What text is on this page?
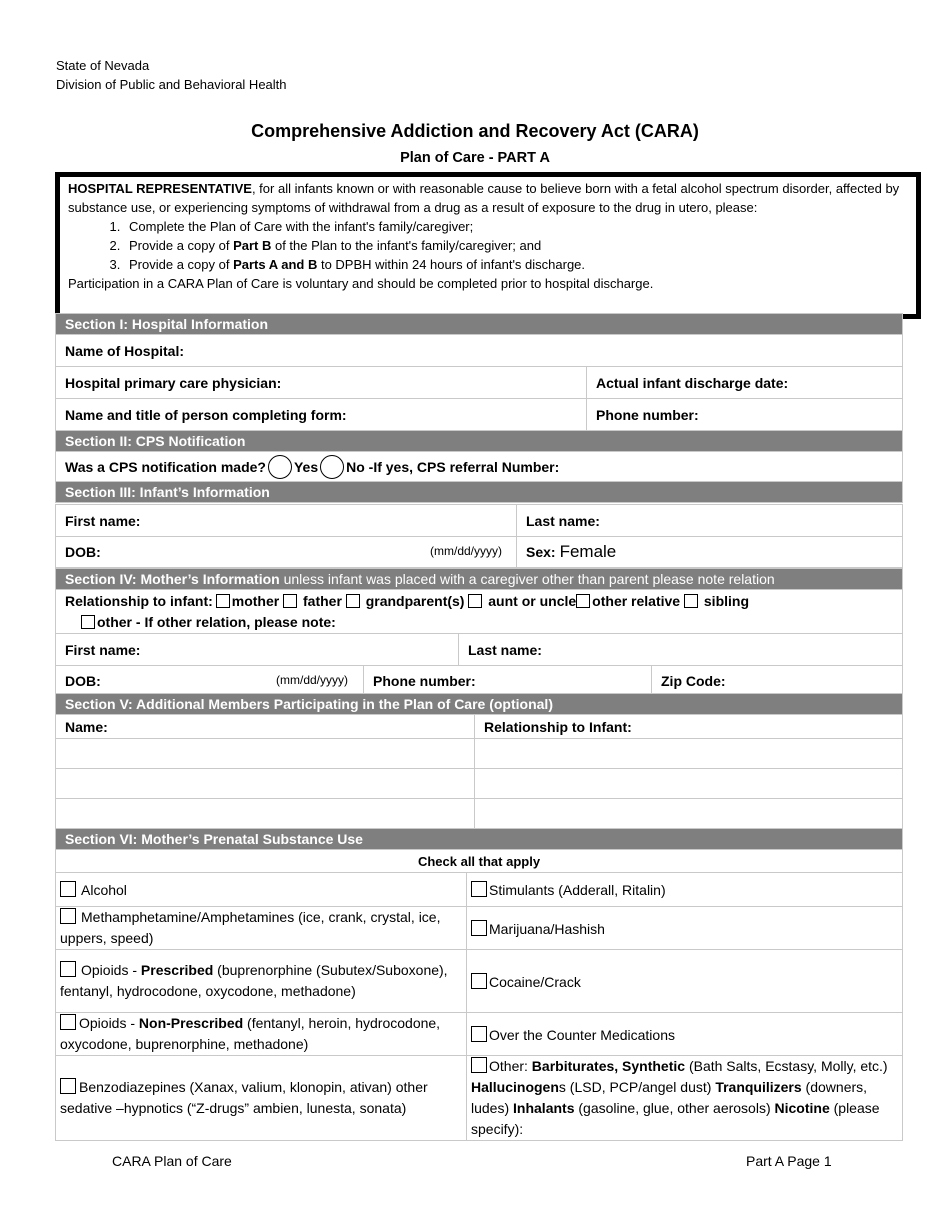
State of Nevada
Division of Public and Behavioral Health
Comprehensive Addiction and Recovery Act (CARA)
Plan of Care - PART A
HOSPITAL REPRESENTATIVE, for all infants known or with reasonable cause to believe born with a fetal alcohol spectrum disorder, affected by substance use, or experiencing symptoms of withdrawal from a drug as a result of exposure to the drug in utero, please:
1. Complete the Plan of Care with the infant's family/caregiver;
2. Provide a copy of Part B of the Plan to the infant's family/caregiver; and
3. Provide a copy of Parts A and B to DPBH within 24 hours of infant's discharge.
Participation in a CARA Plan of Care is voluntary and should be completed prior to hospital discharge.
Section I: Hospital Information	
Name of Hospital:	
Hospital primary care physician:	Actual infant discharge date:
Name and title of person completing form:	Phone number:
Section II: CPS Notification	
Was a CPS notification made? Yes No -If yes, CPS referral Number:	
Section III: Infant’s Information	
First name:	Last name:
DOB: (mm/dd/yyyy)	Sex: Female
Section IV: Mother’s Information unless infant was placed with a caregiver other than parent please note relation			
Relationship to infant: mother father grandparent(s) aunt or uncle other relative sibling
other - If other relation, please note:			
First name:		Last name:	
DOB: (mm/dd/yyyy)	Phone number:		Zip Code:
Section V: Additional Members Participating in the Plan of Care (optional)	
Name:	Relationship to Infant:

Section VI: Mother’s Prenatal Substance Use	
Check all that apply	
Alcohol	Stimulants (Adderall, Ritalin)
Methamphetamine/Amphetamines (ice, crank, crystal, ice, uppers, speed)	Marijuana/Hashish
Opioids - Prescribed (buprenorphine (Subutex/Suboxone), fentanyl, hydrocodone, oxycodone, methadone)	Cocaine/Crack
Opioids - Non-Prescribed (fentanyl, heroin, hydrocodone, oxycodone, buprenorphine, methadone)	Over the Counter Medications
Benzodiazepines (Xanax, valium, klonopin, ativan) other sedative –hypnotics (“Z-drugs” ambien, lunesta, sonata)	Other: Barbiturates, Synthetic (Bath Salts, Ecstasy, Molly, etc.) Hallucinogens (LSD, PCP/angel dust) Tranquilizers (downers, ludes) Inhalants (gasoline, glue, other aerosols) Nicotine (please specify):
CARA Plan of Care	Part A Page 1
